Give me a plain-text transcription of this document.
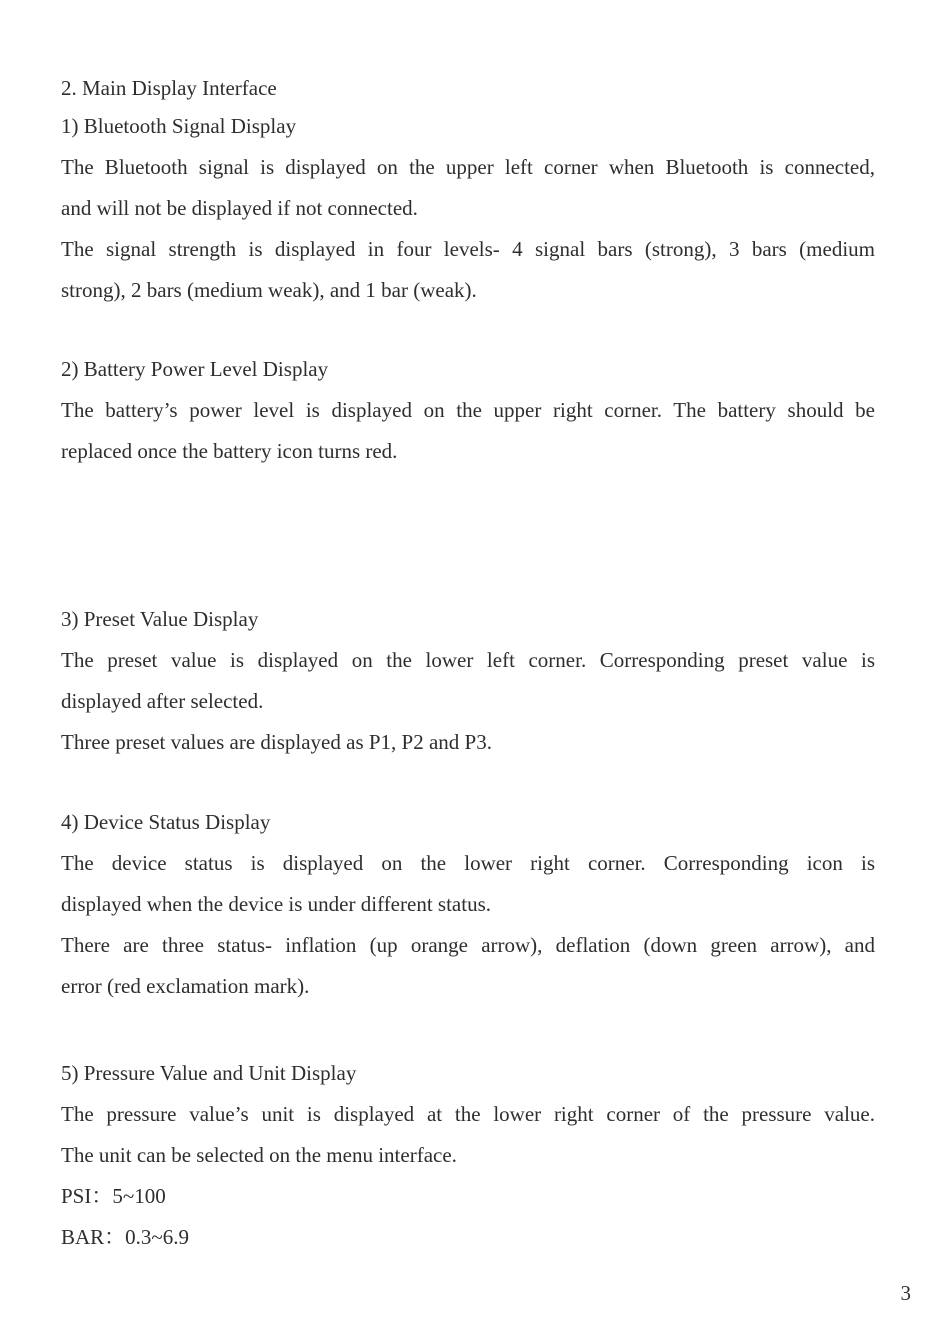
2. Main Display Interface
1) Bluetooth Signal Display
The Bluetooth signal is displayed on the upper left corner when Bluetooth is connected,
and will not be displayed if not connected.
The signal strength is displayed in four levels- 4 signal bars (strong), 3 bars (medium
strong), 2 bars (medium weak), and 1 bar (weak).
2) Battery Power Level Display
The battery’s power level is displayed on the upper right corner. The battery should be
replaced once the battery icon turns red.
3) Preset Value Display
The preset value is displayed on the lower left corner. Corresponding preset value is
displayed after selected.
Three preset values are displayed as P1, P2 and P3.
4) Device Status Display
The device status is displayed on the lower right corner. Corresponding icon is
displayed when the device is under different status.
There are three status- inflation (up orange arrow), deflation (down green arrow), and
error (red exclamation mark).
5) Pressure Value and Unit Display
The pressure value’s unit is displayed at the lower right corner of the pressure value.
The unit can be selected on the menu interface.
PSI：5~100
BAR：0.3~6.9
3
